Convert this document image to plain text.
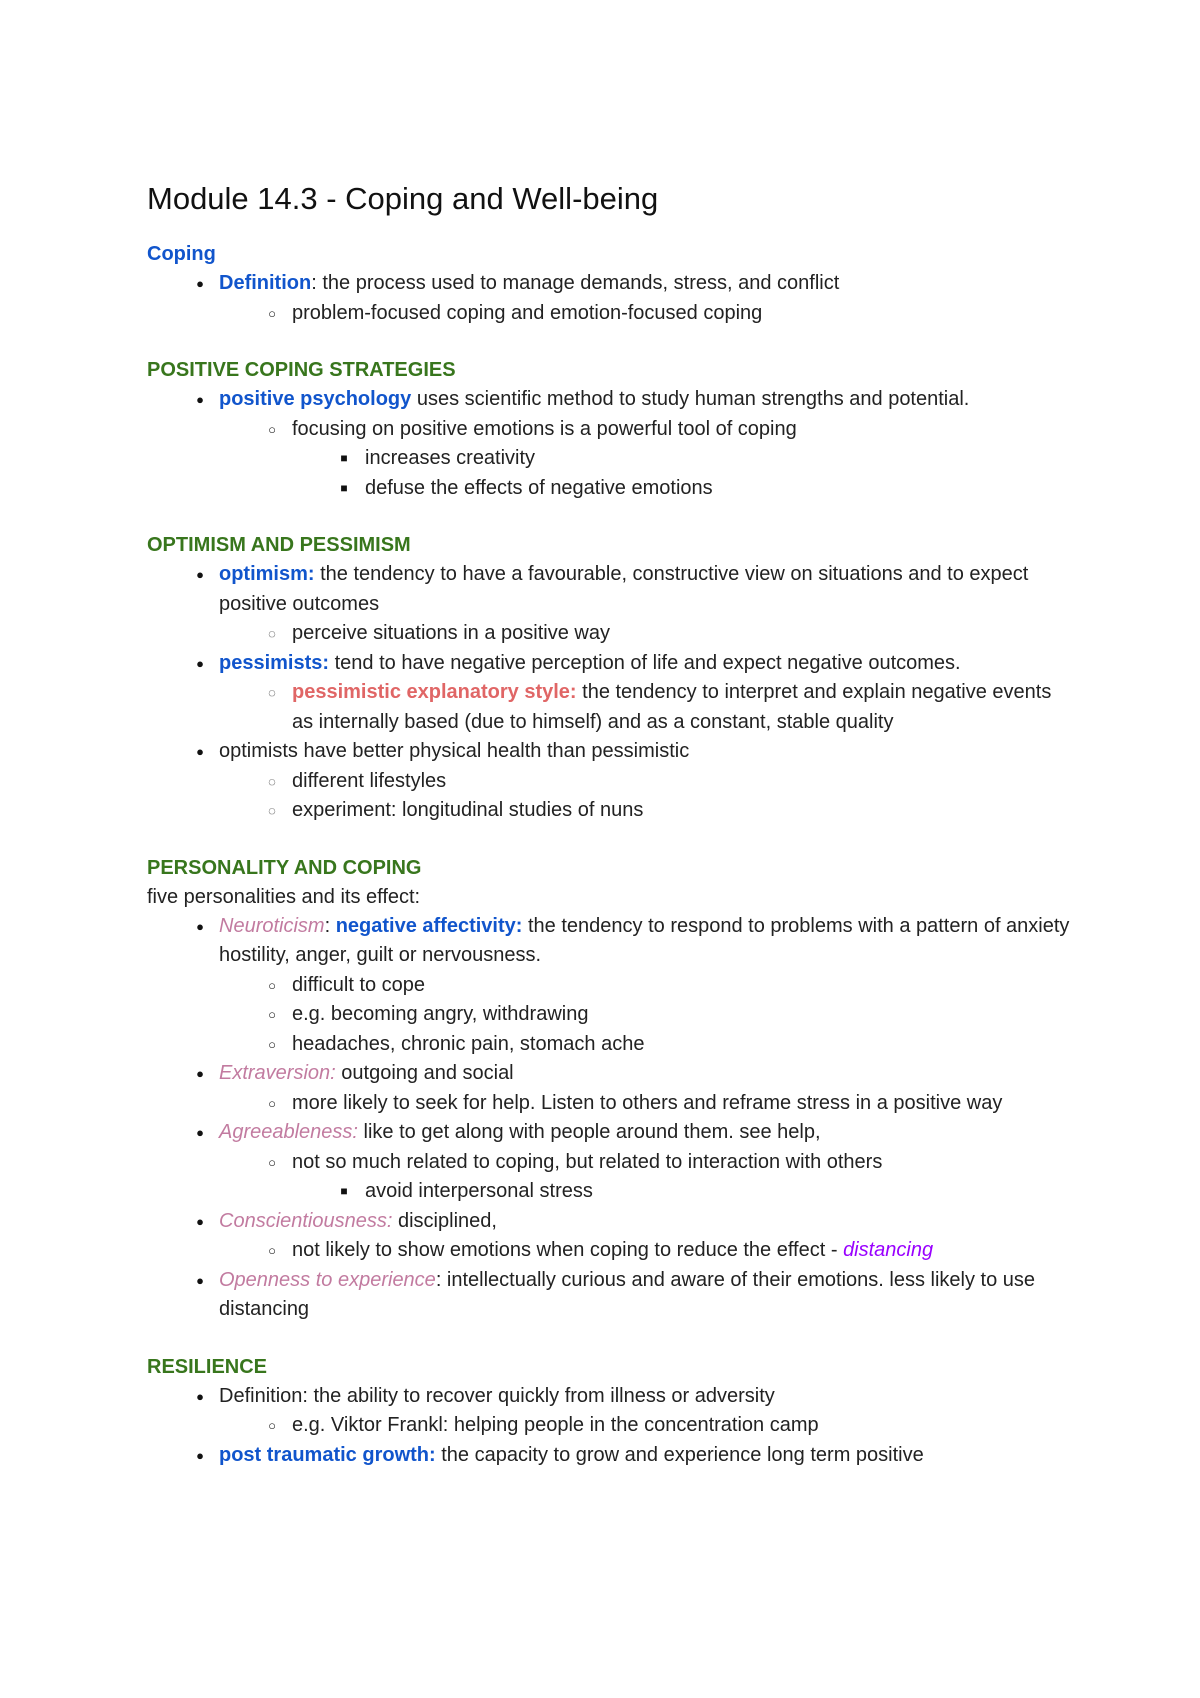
Module 14.3 - Coping and Well-being

Coping

● Definition: the process used to manage demands, stress, and conflict
○ problem-focused coping and emotion-focused coping

POSITIVE COPING STRATEGIES

● positive psychology uses scientific method to study human strengths and potential.
○ focusing on positive emotions is a powerful tool of coping
■ increases creativity
■ defuse the effects of negative emotions

OPTIMISM AND PESSIMISM

● optimism: the tendency to have a favourable, constructive view on situations and to expect positive outcomes
◌ perceive situations in a positive way
● pessimists: tend to have negative perception of life and expect negative outcomes.
◌ pessimistic explanatory style: the tendency to interpret and explain negative events as internally based (due to himself) and as a constant, stable quality
● optimists have better physical health than pessimistic
◌ different lifestyles
◌ experiment: longitudinal studies of nuns

PERSONALITY AND COPING

five personalities and its effect:

● Neuroticism: negative affectivity: the tendency to respond to problems with a pattern of anxiety hostility, anger, guilt or nervousness.
○ difficult to cope
○ e.g. becoming angry, withdrawing
○ headaches, chronic pain, stomach ache
● Extraversion: outgoing and social
○ more likely to seek for help. Listen to others and reframe stress in a positive way
● Agreeableness: like to get along with people around them. see help,
○ not so much related to coping, but related to interaction with others
■ avoid interpersonal stress
● Conscientiousness: disciplined,
○ not likely to show emotions when coping to reduce the effect - distancing
● Openness to experience: intellectually curious and aware of their emotions. less likely to use distancing

RESILIENCE

● Definition: the ability to recover quickly from illness or adversity
○ e.g. Viktor Frankl: helping people in the concentration camp
● post traumatic growth: the capacity to grow and experience long term positive
